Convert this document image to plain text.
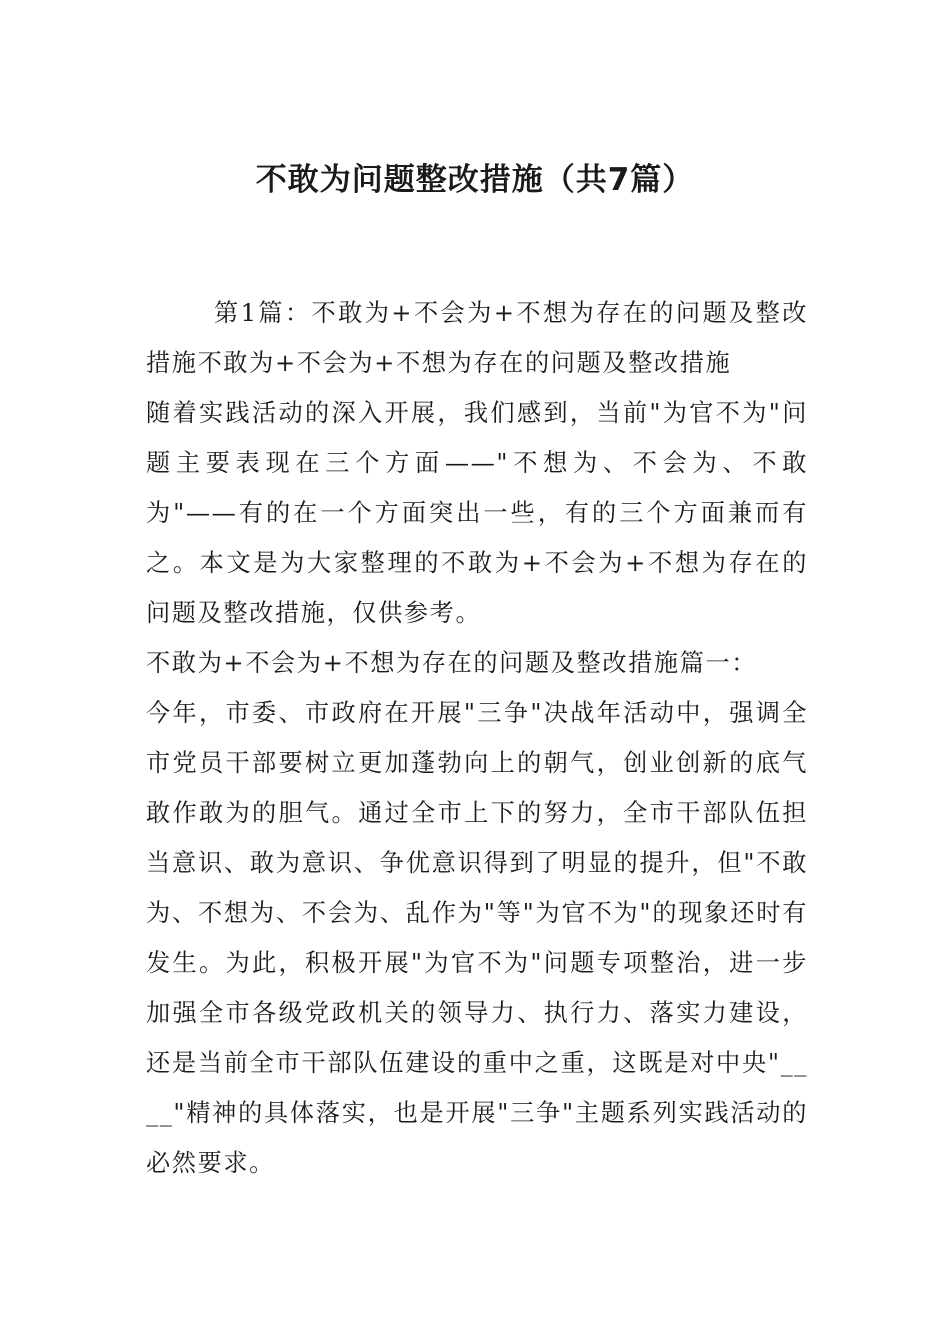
不敢为问题整改措施（共7篇）

第1篇：不敢为+不会为+不想为存在的问题及整改措施不敢为+不会为+不想为存在的问题及整改措施

随着实践活动的深入开展，我们感到，当前"为官不为"问题主要表现在三个方面——"不想为、不会为、不敢为"——有的在一个方面突出一些，有的三个方面兼而有之。本文是为大家整理的不敢为+不会为+不想为存在的问题及整改措施，仅供参考。

不敢为+不会为+不想为存在的问题及整改措施篇一：

今年，市委、市政府在开展"三争"决战年活动中，强调全市党员干部要树立更加蓬勃向上的朝气，创业创新的底气敢作敢为的胆气。通过全市上下的努力，全市干部队伍担当意识、敢为意识、争优意识得到了明显的提升，但"不敢为、不想为、不会为、乱作为"等"为官不为"的现象还时有发生。为此，积极开展"为官不为"问题专项整治，进一步加强全市各级党政机关的领导力、执行力、落实力建设，还是当前全市干部队伍建设的重中之重，这既是对中央"____"精神的具体落实，也是开展"三争"主题系列实践活动的必然要求。
